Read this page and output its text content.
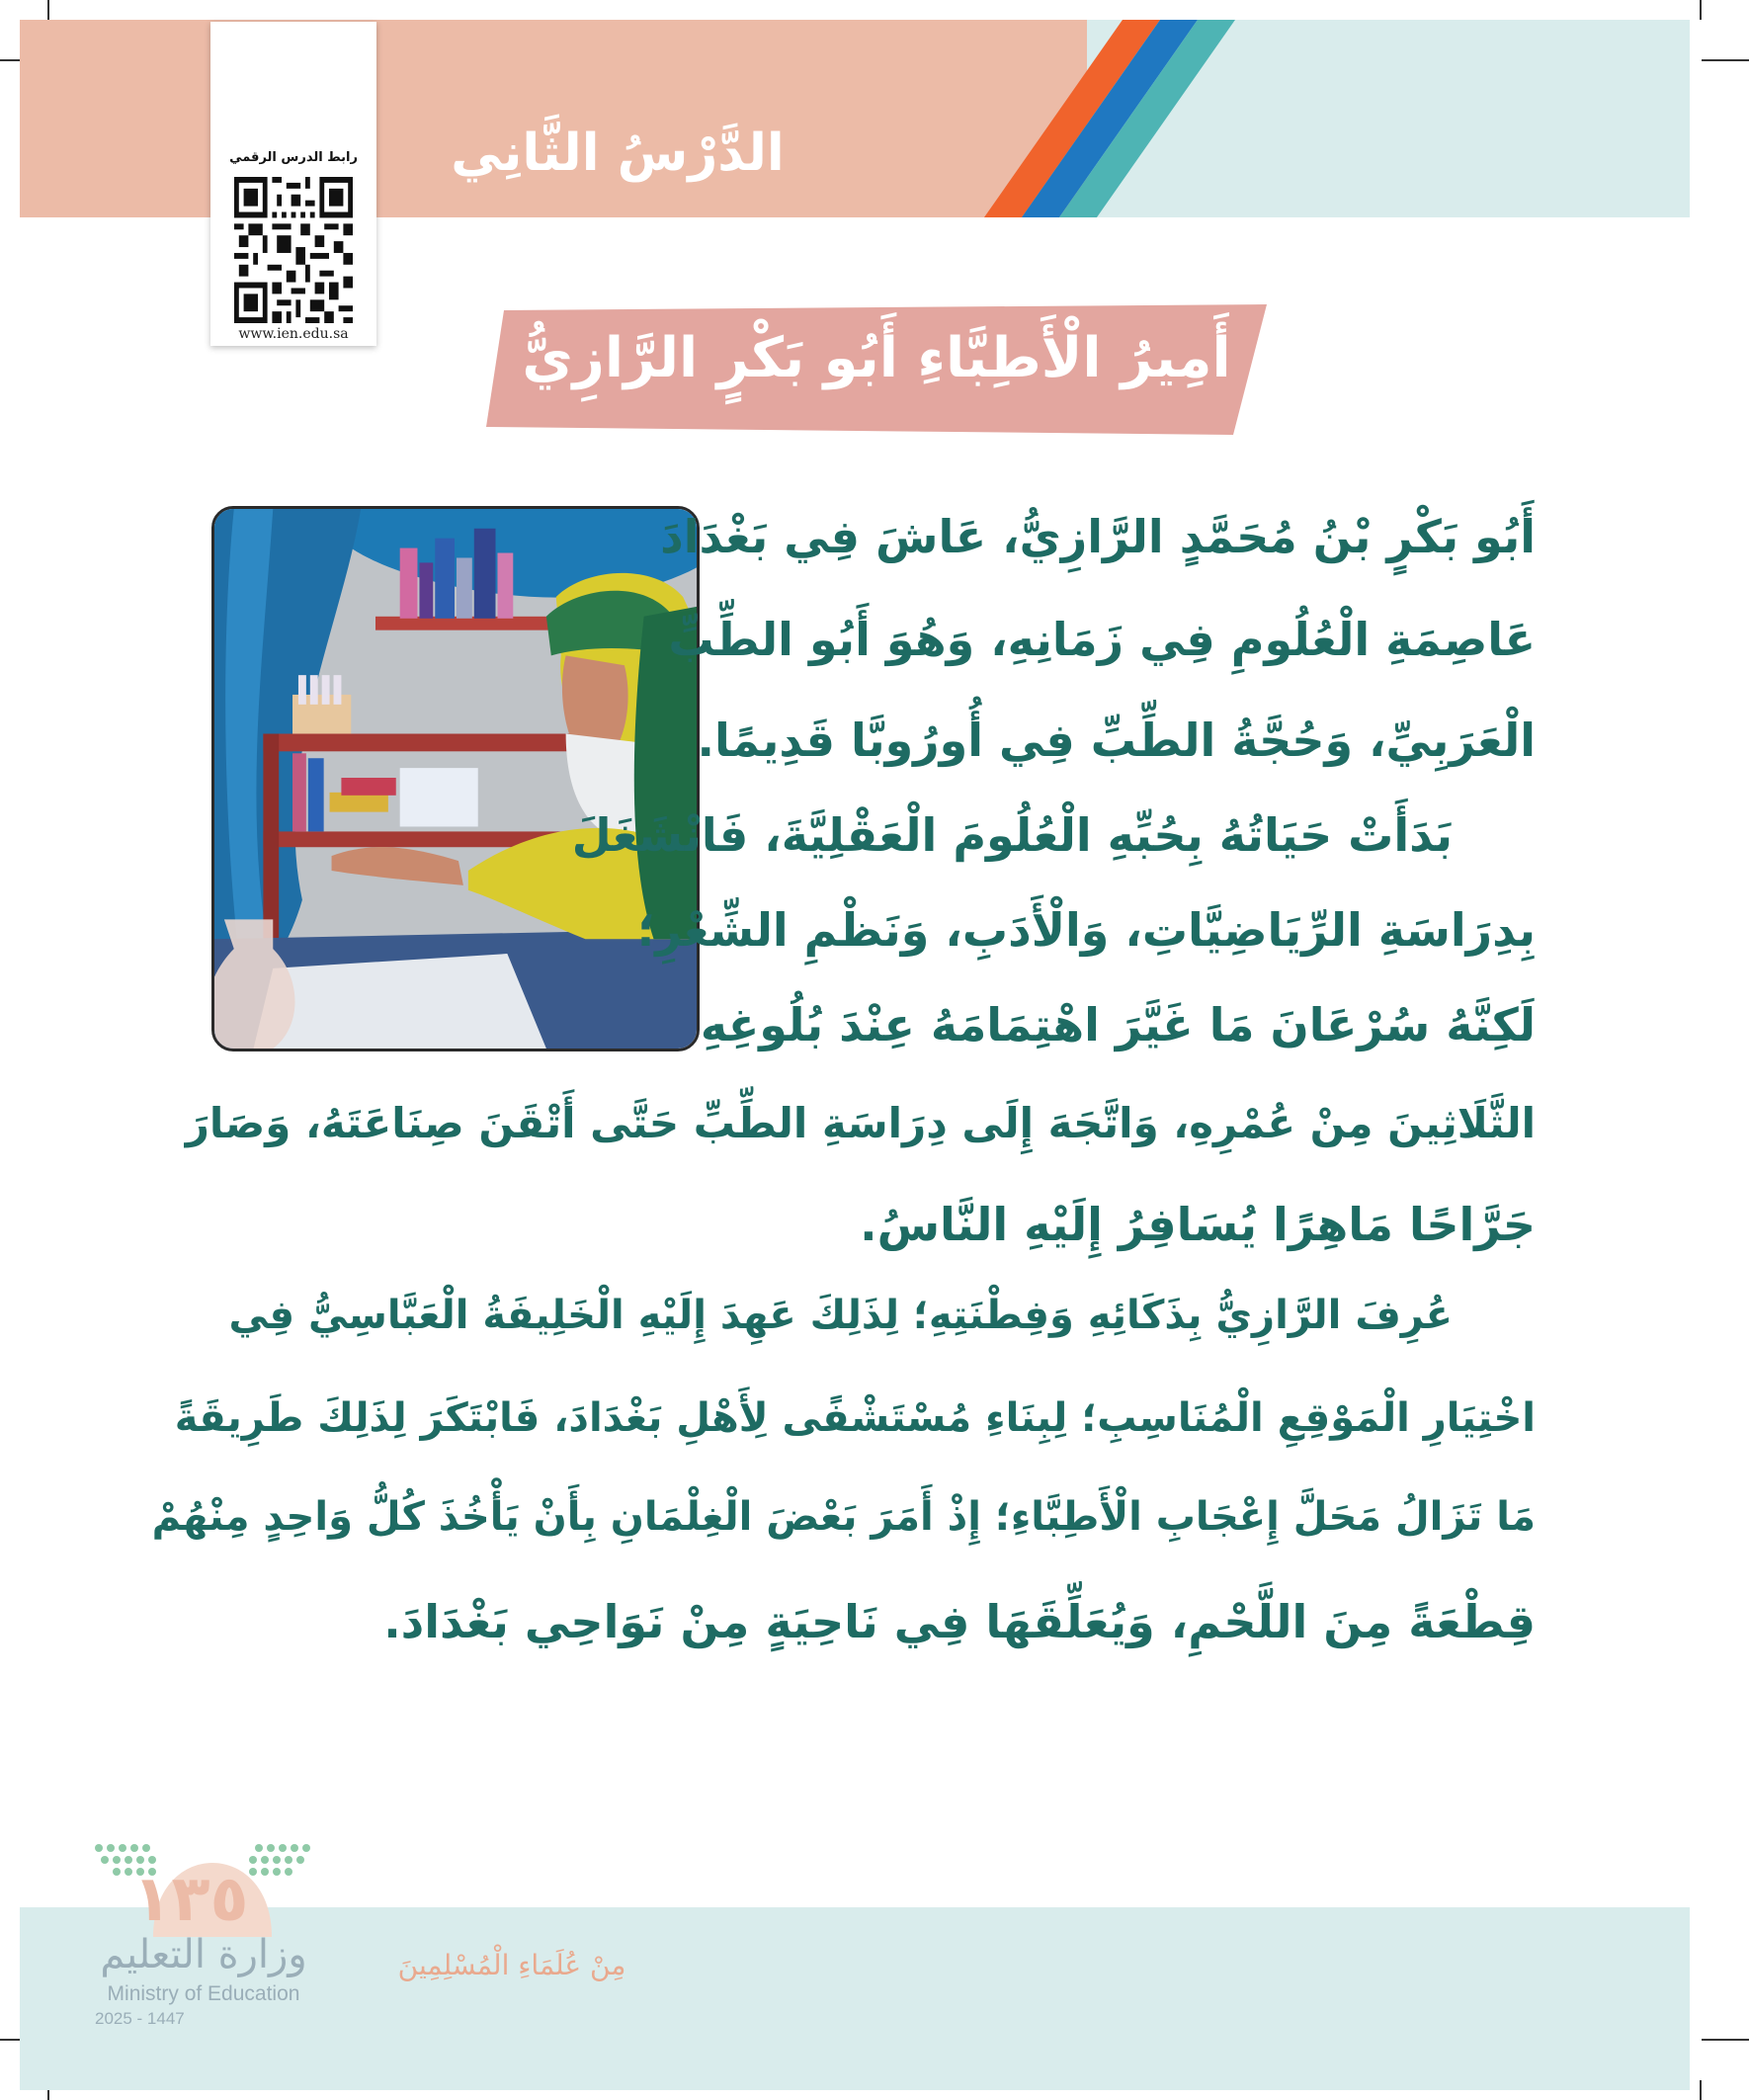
الدَّرْسُ الثَّانِي
رابط الدرس الرقمي
www.ien.edu.sa	أَمِيرُ الْأَطِبَّاءِ أَبُو بَكْرٍ الرَّازِيُّ
أَبُو بَكْرٍ بْنُ مُحَمَّدٍ الرَّازِيُّ، عَاشَ فِي بَغْدَادَ
عَاصِمَةِ الْعُلُومِ فِي زَمَانِهِ، وَهُوَ أَبُو الطِّبِّ
الْعَرَبِيِّ، وَحُجَّةُ الطِّبِّ فِي أُورُوبَّا قَدِيمًا.
بَدَأَتْ حَيَاتُهُ بِحُبِّهِ الْعُلُومَ الْعَقْلِيَّةَ، فَانْشَغَلَ
بِدِرَاسَةِ الرِّيَاضِيَّاتِ، وَالْأَدَبِ، وَنَظْمِ الشِّعْرِ؛
لَكِنَّهُ سُرْعَانَ مَا غَيَّرَ اهْتِمَامَهُ عِنْدَ بُلُوغِهِ
الثَّلَاثِينَ مِنْ عُمْرِهِ، وَاتَّجَهَ إِلَى دِرَاسَةِ الطِّبِّ حَتَّى أَتْقَنَ صِنَاعَتَهُ، وَصَارَ
جَرَّاحًا مَاهِرًا يُسَافِرُ إِلَيْهِ النَّاسُ.
عُرِفَ الرَّازِيُّ بِذَكَائِهِ وَفِطْنَتِهِ؛ لِذَلِكَ عَهِدَ إِلَيْهِ الْخَلِيفَةُ الْعَبَّاسِيُّ فِي
اخْتِيَارِ الْمَوْقِعِ الْمُنَاسِبِ؛ لِبِنَاءِ مُسْتَشْفًى لِأَهْلِ بَغْدَادَ، فَابْتَكَرَ لِذَلِكَ طَرِيقَةً
مَا تَزَالُ مَحَلَّ إِعْجَابِ الْأَطِبَّاءِ؛ إِذْ أَمَرَ بَعْضَ الْغِلْمَانِ بِأَنْ يَأْخُذَ كُلُّ وَاحِدٍ مِنْهُمْ
قِطْعَةً مِنَ اللَّحْمِ، وَيُعَلِّقَهَا فِي نَاحِيَةٍ مِنْ نَوَاحِي بَغْدَادَ.
١٣٥
وزارة التعليم
Ministry of Education
2025 - 1447
مِنْ عُلَمَاءِ الْمُسْلِمِينَ
